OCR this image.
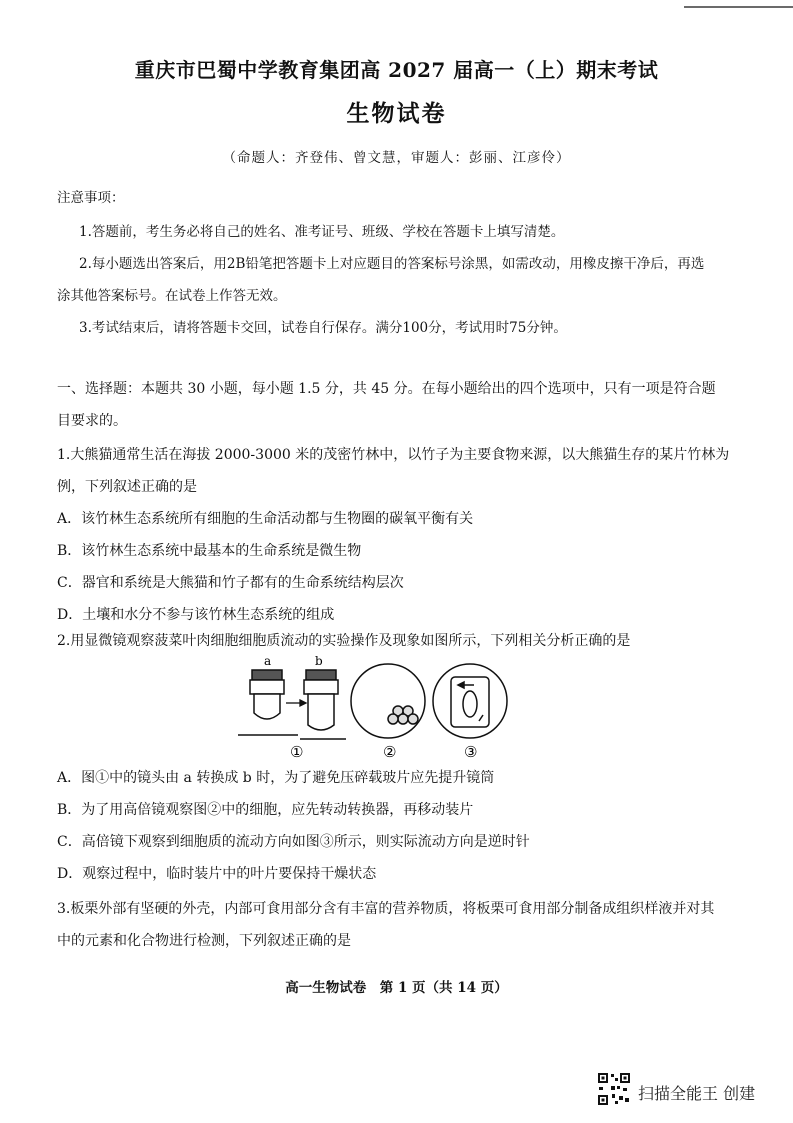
重庆市巴蜀中学教育集团高 2027 届高一（上）期末考试
生物试卷
（命题人：齐登伟、曾文慧，审题人：彭丽、江彦伶）
注意事项：
1.答题前，考生务必将自己的姓名、准考证号、班级、学校在答题卡上填写清楚。
2.每小题选出答案后，用2B铅笔把答题卡上对应题目的答案标号涂黑，如需改动，用橡皮擦干净后，再选
涂其他答案标号。在试卷上作答无效。
3.考试结束后，请将答题卡交回，试卷自行保存。满分100分，考试用时75分钟。
一、选择题：本题共 30 小题，每小题 1.5 分，共 45 分。在每小题给出的四个选项中，只有一项是符合题
目要求的。
1.大熊猫通常生活在海拔 2000-3000 米的茂密竹林中，以竹子为主要食物来源，以大熊猫生存的某片竹林为
例，下列叙述正确的是
A．该竹林生态系统所有细胞的生命活动都与生物圈的碳氧平衡有关
B．该竹林生态系统中最基本的生命系统是微生物
C．器官和系统是大熊猫和竹子都有的生命系统结构层次
D．土壤和水分不参与该竹林生态系统的组成
2.用显微镜观察菠菜叶肉细胞细胞质流动的实验操作及现象如图所示，下列相关分析正确的是
a	b
①	②	③
A．图①中的镜头由 a 转换成 b 时，为了避免压碎载玻片应先提升镜筒
B．为了用高倍镜观察图②中的细胞，应先转动转换器，再移动装片
C．高倍镜下观察到细胞质的流动方向如图③所示，则实际流动方向是逆时针
D．观察过程中，临时装片中的叶片要保持干燥状态
3.板栗外部有坚硬的外壳，内部可食用部分含有丰富的营养物质，将板栗可食用部分制备成组织样液并对其
中的元素和化合物进行检测，下列叙述正确的是
高一生物试卷　第 1 页（共 14 页）
扫描全能王 创建
